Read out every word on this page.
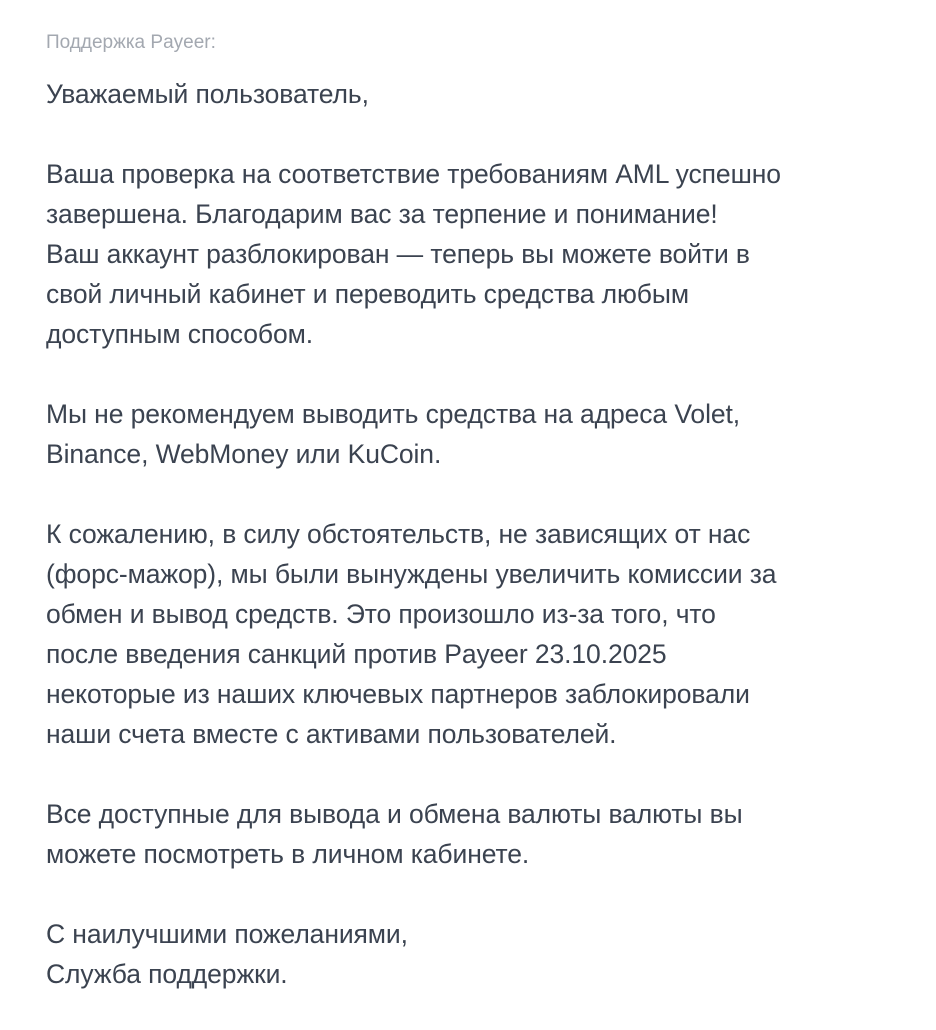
Поддержка Payeer:

Уважаемый пользователь,

Ваша проверка на соответствие требованиям AML успешно
завершена. Благодарим вас за терпение и понимание!
Ваш аккаунт разблокирован — теперь вы можете войти в
свой личный кабинет и переводить средства любым
доступным способом.

Мы не рекомендуем выводить средства на адреса Volet,
Binance, WebMoney или KuCoin.

К сожалению, в силу обстоятельств, не зависящих от нас
(форс-мажор), мы были вынуждены увеличить комиссии за
обмен и вывод средств. Это произошло из-за того, что
после введения санкций против Payeer 23.10.2025
некоторые из наших ключевых партнеров заблокировали
наши счета вместе с активами пользователей.

Все доступные для вывода и обмена валюты валюты вы
можете посмотреть в личном кабинете.

С наилучшими пожеланиями,
Служба поддержки.
